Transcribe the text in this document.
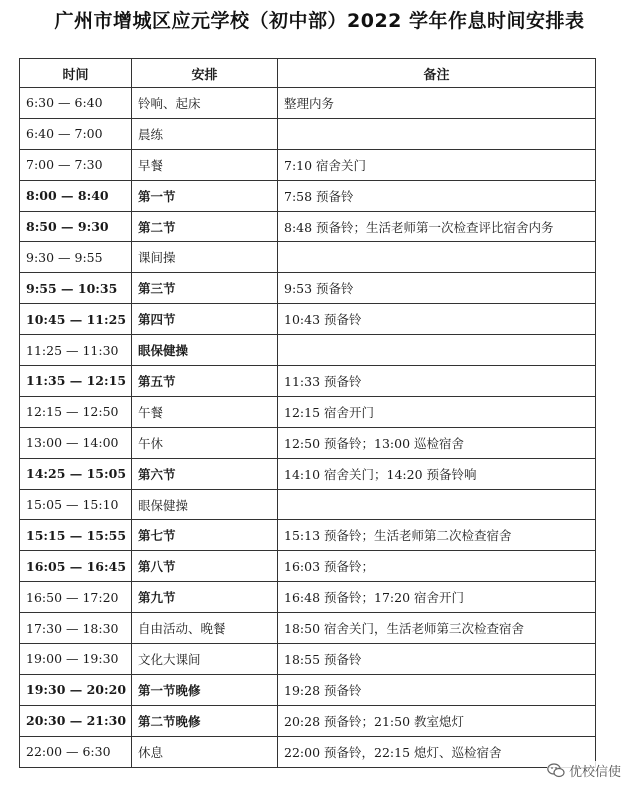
广州市增城区应元学校（初中部）2022 学年作息时间安排表
时间	安排	备注
6:30 — 6:40	铃响、起床	整理内务
6:40 — 7:00	晨练	
7:00 — 7:30	早餐	7:10 宿舍关门
8:00 — 8:40	第一节	7:58 预备铃
8:50 — 9:30	第二节	8:48 预备铃；生活老师第一次检查评比宿舍内务
9:30 — 9:55	课间操	
9:55 — 10:35	第三节	9:53 预备铃
10:45 — 11:25	第四节	10:43 预备铃
11:25 — 11:30	眼保健操	
11:35 — 12:15	第五节	11:33 预备铃
12:15 — 12:50	午餐	12:15 宿舍开门
13:00 — 14:00	午休	12:50 预备铃；13:00 巡检宿舍
14:25 — 15:05	第六节	14:10 宿舍关门；14:20 预备铃响
15:05 — 15:10	眼保健操	
15:15 — 15:55	第七节	15:13 预备铃；生活老师第二次检查宿舍
16:05 — 16:45	第八节	16:03 预备铃；
16:50 — 17:20	第九节	16:48 预备铃；17:20 宿舍开门
17:30 — 18:30	自由活动、晚餐	18:50 宿舍关门，生活老师第三次检查宿舍
19:00 — 19:30	文化大课间	18:55 预备铃
19:30 — 20:20	第一节晚修	19:28 预备铃
20:30 — 21:30	第二节晚修	20:28 预备铃；21:50 教室熄灯
22:00 — 6:30	休息	22:00 预备铃，22:15 熄灯、巡检宿舍
优校信使
